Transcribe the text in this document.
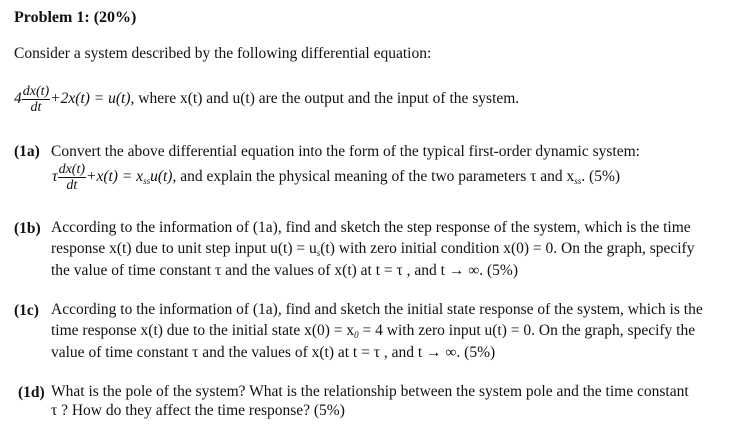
Problem 1: (20%)
Consider a system described by the following differential equation:
$4 \frac{dx(t)}{dt} +2x(t) = u(t)$, where x(t) and u(t) are the output and the input of the system.
(1a) Convert the above differential equation into the form of the typical first-order dynamic system:
τ $\frac{dx(t)}{dt} +x(t) = x_{ss}u(t)$, and explain the physical meaning of the two parameters τ and $x_{ss}$. (5%)
(1b) According to the information of (1a), find and sketch the step response of the system, which is the time
response x(t) due to unit step input $u(t) = u_s(t)$ with zero initial condition x(0) = 0. On the graph, specify
the value of time constant τ and the values of x(t) at t = τ , and t → ∞. (5%)
(1c) According to the information of (1a), find and sketch the initial state response of the system, which is the
time response x(t) due to the initial state $x(0) = x_0 = 4$ with zero input u(t) = 0. On the graph, specify the
value of time constant τ and the values of x(t) at t = τ , and t → ∞. (5%)
(1d) What is the pole of the system? What is the relationship between the system pole and the time constant
τ ? How do they affect the time response? (5%)
